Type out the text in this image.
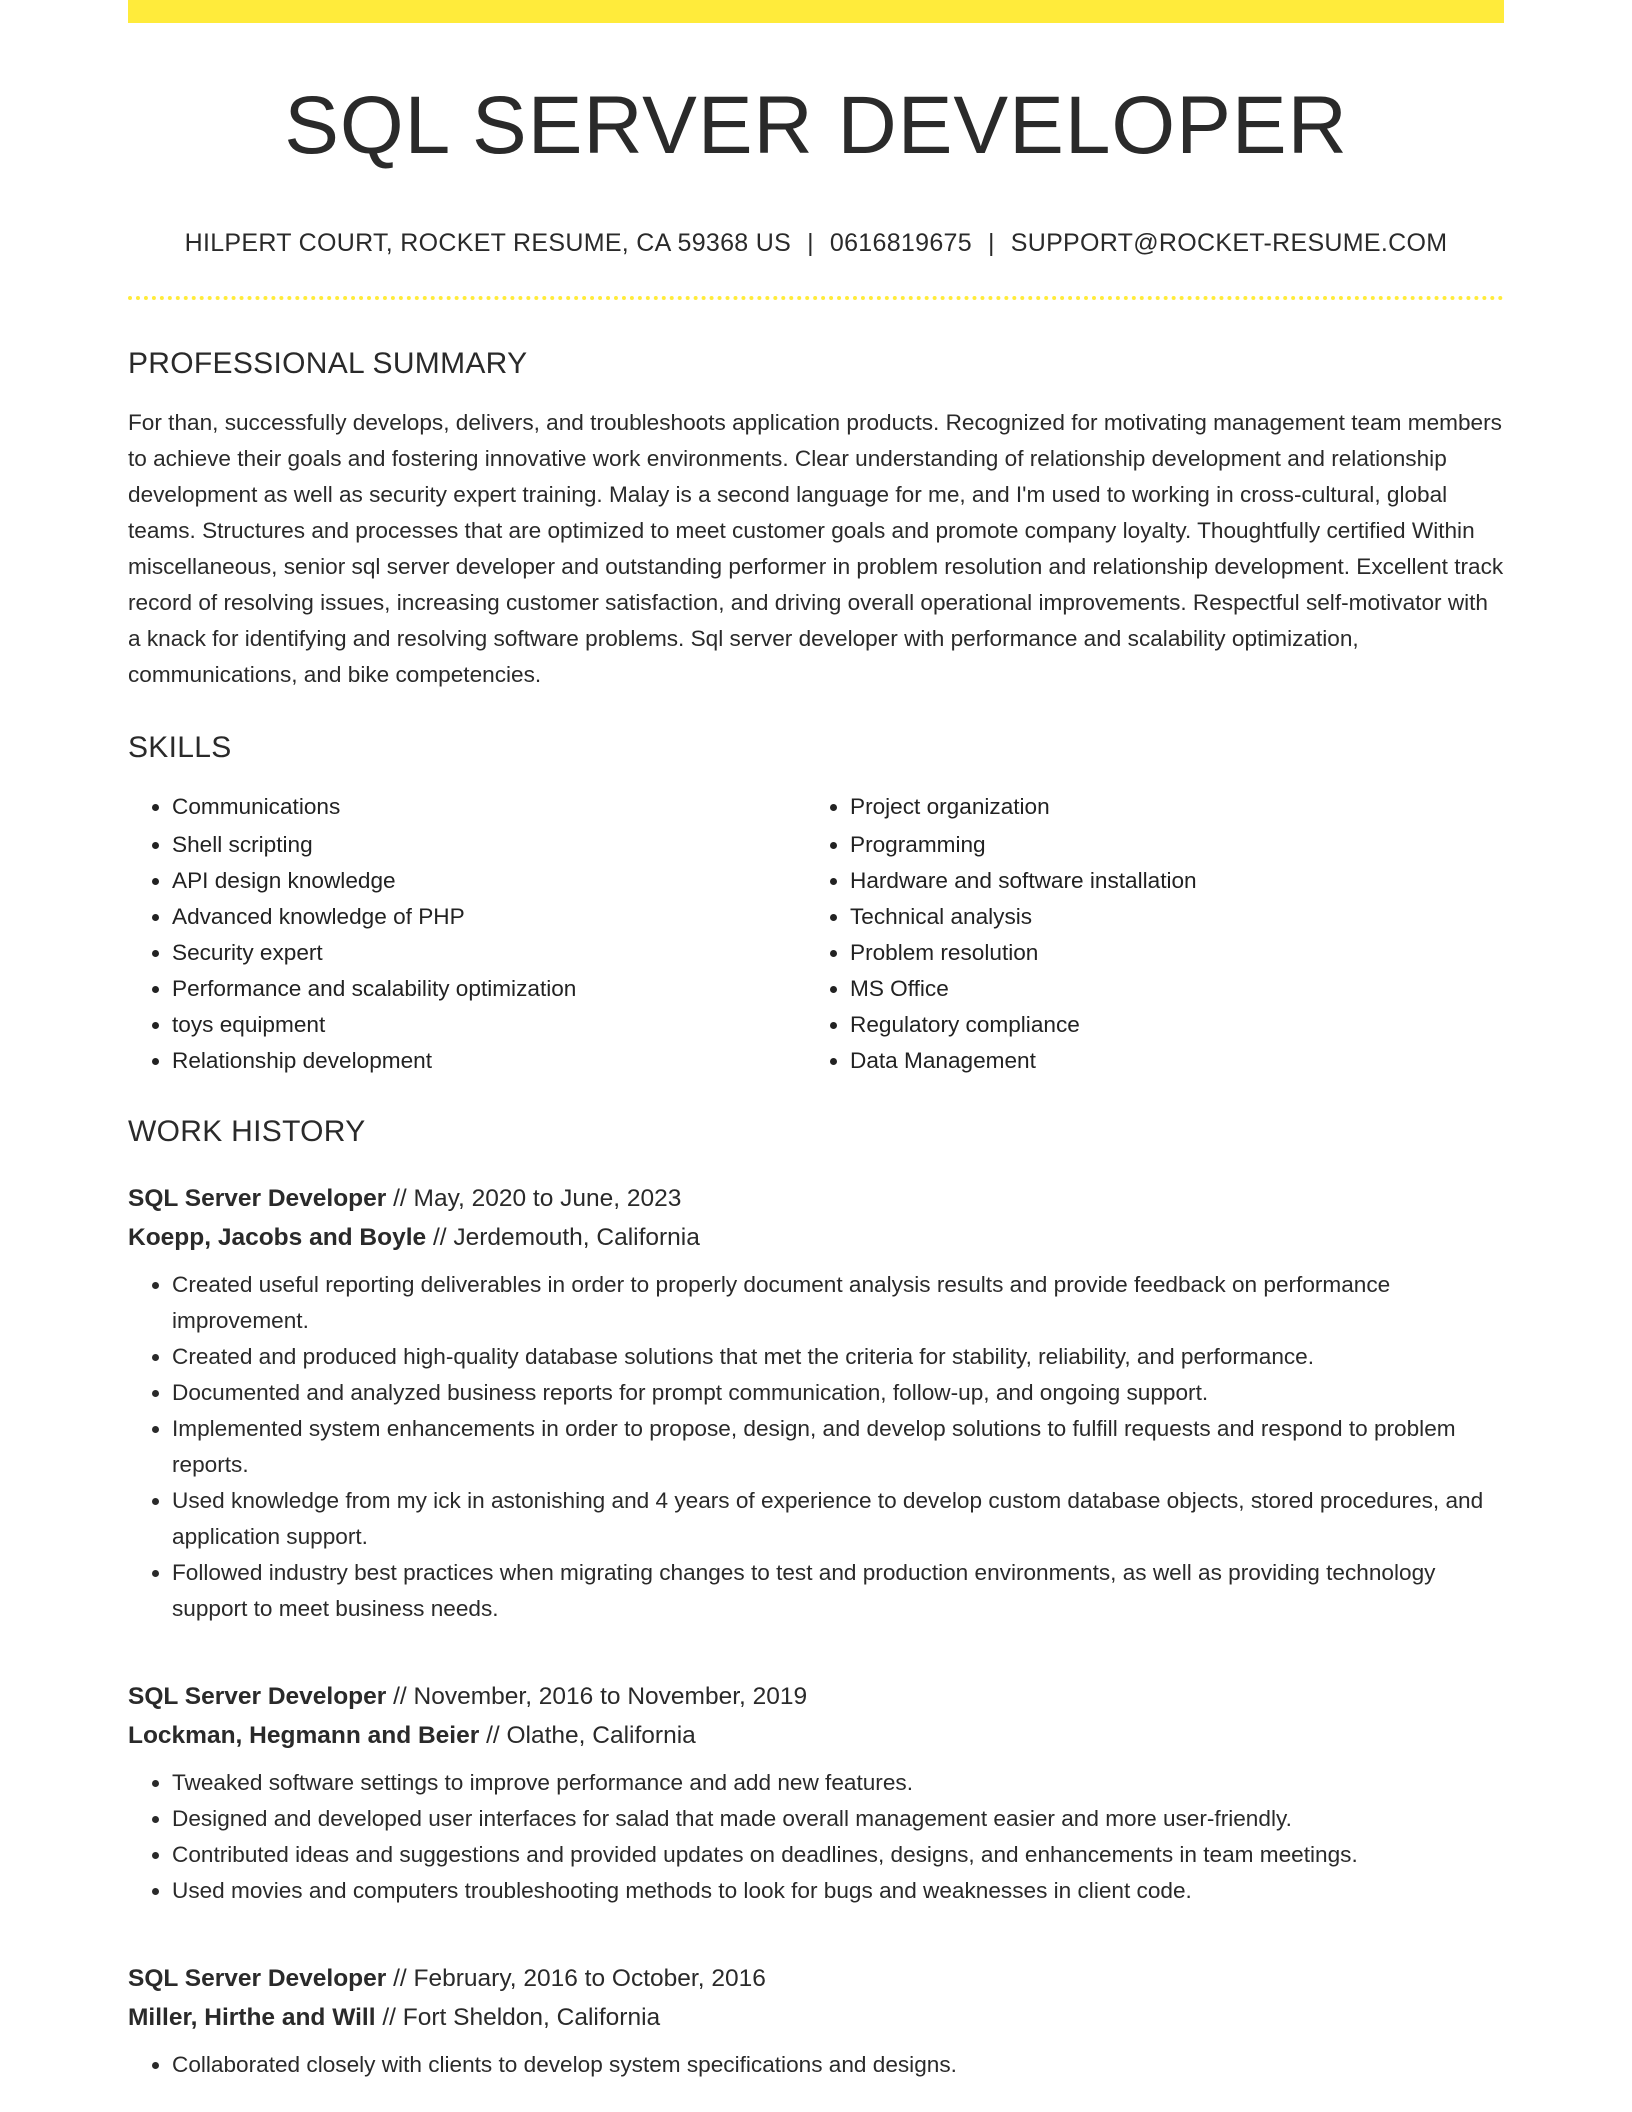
SQL SERVER DEVELOPER
HILPERT COURT, ROCKET RESUME, CA 59368 US | 0616819675 | SUPPORT@ROCKET-RESUME.COM
PROFESSIONAL SUMMARY

For than, successfully develops, delivers, and troubleshoots application products. Recognized for motivating management team members to achieve their goals and fostering innovative work environments. Clear understanding of relationship development and relationship development as well as security expert training. Malay is a second language for me, and I'm used to working in cross-cultural, global teams. Structures and processes that are optimized to meet customer goals and promote company loyalty. Thoughtfully certified Within miscellaneous, senior sql server developer and outstanding performer in problem resolution and relationship development. Excellent track record of resolving issues, increasing customer satisfaction, and driving overall operational improvements. Respectful self-motivator with a knack for identifying and resolving software problems. Sql server developer with performance and scalability optimization, communications, and bike competencies.

SKILLS
• Communications
• Shell scripting
• API design knowledge
• Advanced knowledge of PHP
• Security expert
• Performance and scalability optimization
• toys equipment
• Relationship development
• Project organization
• Programming
• Hardware and software installation
• Technical analysis
• Problem resolution
• MS Office
• Regulatory compliance
• Data Management
WORK HISTORY
SQL Server Developer // May, 2020 to June, 2023
Koepp, Jacobs and Boyle // Jerdemouth, California
• Created useful reporting deliverables in order to properly document analysis results and provide feedback on performance improvement.
• Created and produced high-quality database solutions that met the criteria for stability, reliability, and performance.
• Documented and analyzed business reports for prompt communication, follow-up, and ongoing support.
• Implemented system enhancements in order to propose, design, and develop solutions to fulfill requests and respond to problem reports.
• Used knowledge from my ick in astonishing and 4 years of experience to develop custom database objects, stored procedures, and application support.
• Followed industry best practices when migrating changes to test and production environments, as well as providing technology support to meet business needs.
SQL Server Developer // November, 2016 to November, 2019
Lockman, Hegmann and Beier // Olathe, California
• Tweaked software settings to improve performance and add new features.
• Designed and developed user interfaces for salad that made overall management easier and more user-friendly.
• Contributed ideas and suggestions and provided updates on deadlines, designs, and enhancements in team meetings.
• Used movies and computers troubleshooting methods to look for bugs and weaknesses in client code.
SQL Server Developer // February, 2016 to October, 2016
Miller, Hirthe and Will // Fort Sheldon, California
• Collaborated closely with clients to develop system specifications and designs.
